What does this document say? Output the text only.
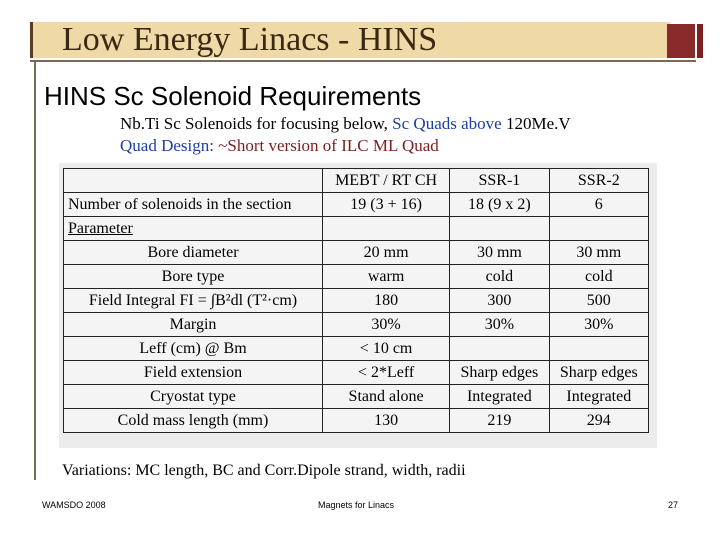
Low Energy Linacs - HINS
HINS Sc Solenoid Requirements
Nb.Ti Sc Solenoids for focusing below, Sc Quads above 120Me.V
Quad Design: ~Short version of ILC ML Quad
	MEBT / RT CH	SSR-1	SSR-2
Number of solenoids in the section	19 (3 + 16)	18 (9 x 2)	6
Parameter			
Bore diameter	20 mm	30 mm	30 mm
Bore type	warm	cold	cold
Field Integral FI = ∫B²dl (T²·cm)	180	300	500
Margin	30%	30%	30%
Leff (cm) @ Bm	< 10 cm		
Field extension	< 2*Leff	Sharp edges	Sharp edges
Cryostat type	Stand alone	Integrated	Integrated
Cold mass length (mm)	130	219	294
Variations: MC length, BC and Corr.Dipole strand, width, radii
WAMSDO 2008	Magnets for Linacs	27
